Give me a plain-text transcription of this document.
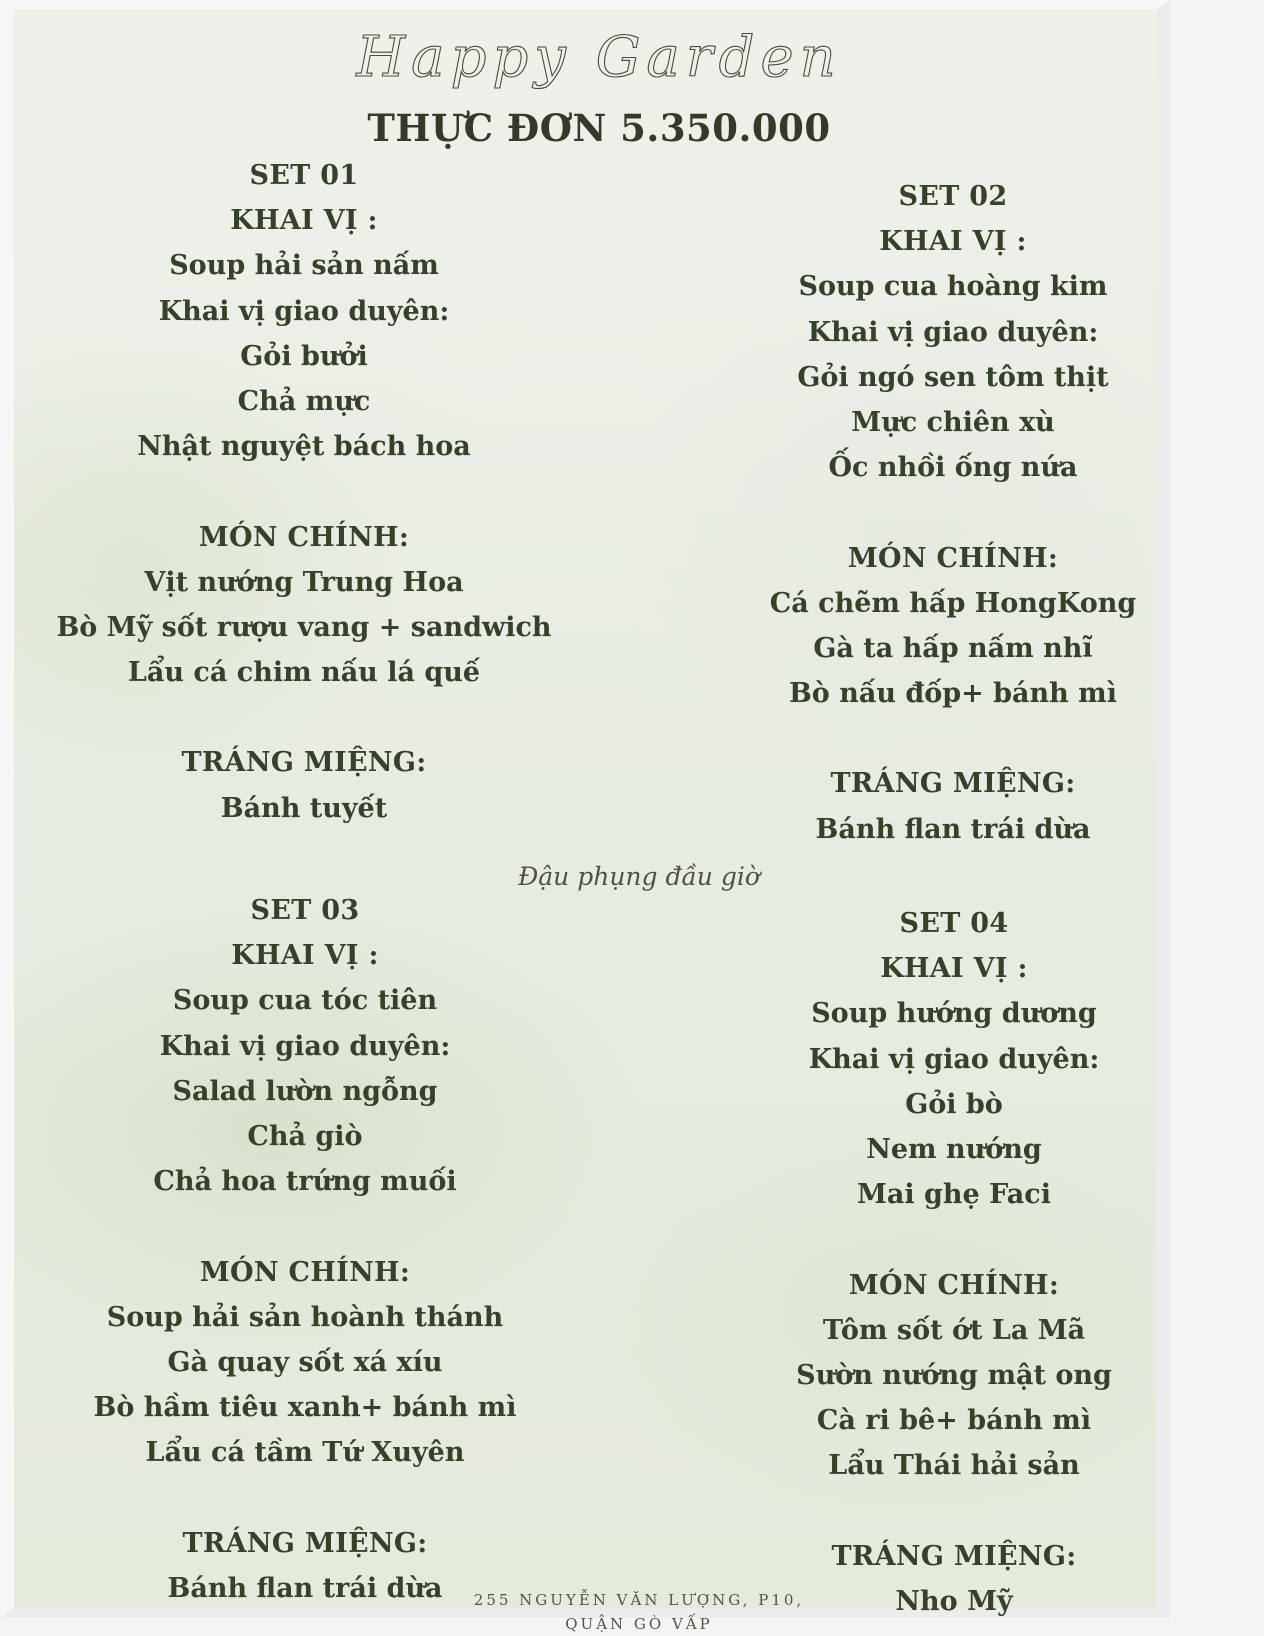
Happy Garden
THỰC ĐƠN 5.350.000
SET 01
KHAI VỊ :
Soup hải sản nấm
Khai vị giao duyên:
Gỏi bưởi
Chả mực
Nhật nguyệt bách hoa
MÓN CHÍNH:
Vịt nướng Trung Hoa
Bò Mỹ sốt rượu vang + sandwich
Lẩu cá chim nấu lá quế
TRÁNG MIỆNG:
Bánh tuyết
SET 02
KHAI VỊ :
Soup cua hoàng kim
Khai vị giao duyên:
Gỏi ngó sen tôm thịt
Mực chiên xù
Ốc nhồi ống nứa
MÓN CHÍNH:
Cá chẽm hấp HongKong
Gà ta hấp nấm nhĩ
Bò nấu đốp+ bánh mì
TRÁNG MIỆNG:
Bánh flan trái dừa
Đậu phụng đầu giờ
SET 03
KHAI VỊ :
Soup cua tóc tiên
Khai vị giao duyên:
Salad lườn ngỗng
Chả giò
Chả hoa trứng muối
MÓN CHÍNH:
Soup hải sản hoành thánh
Gà quay sốt xá xíu
Bò hầm tiêu xanh+ bánh mì
Lẩu cá tầm Tứ Xuyên
TRÁNG MIỆNG:
Bánh flan trái dừa
SET 04
KHAI VỊ :
Soup hướng dương
Khai vị giao duyên:
Gỏi bò
Nem nướng
Mai ghẹ Faci
MÓN CHÍNH:
Tôm sốt ớt La Mã
Sườn nướng mật ong
Cà ri bê+ bánh mì
Lẩu Thái hải sản
TRÁNG MIỆNG:
Nho Mỹ
255 NGUYỄN VĂN LƯỢNG, P10,
QUẬN GÒ VẤP
